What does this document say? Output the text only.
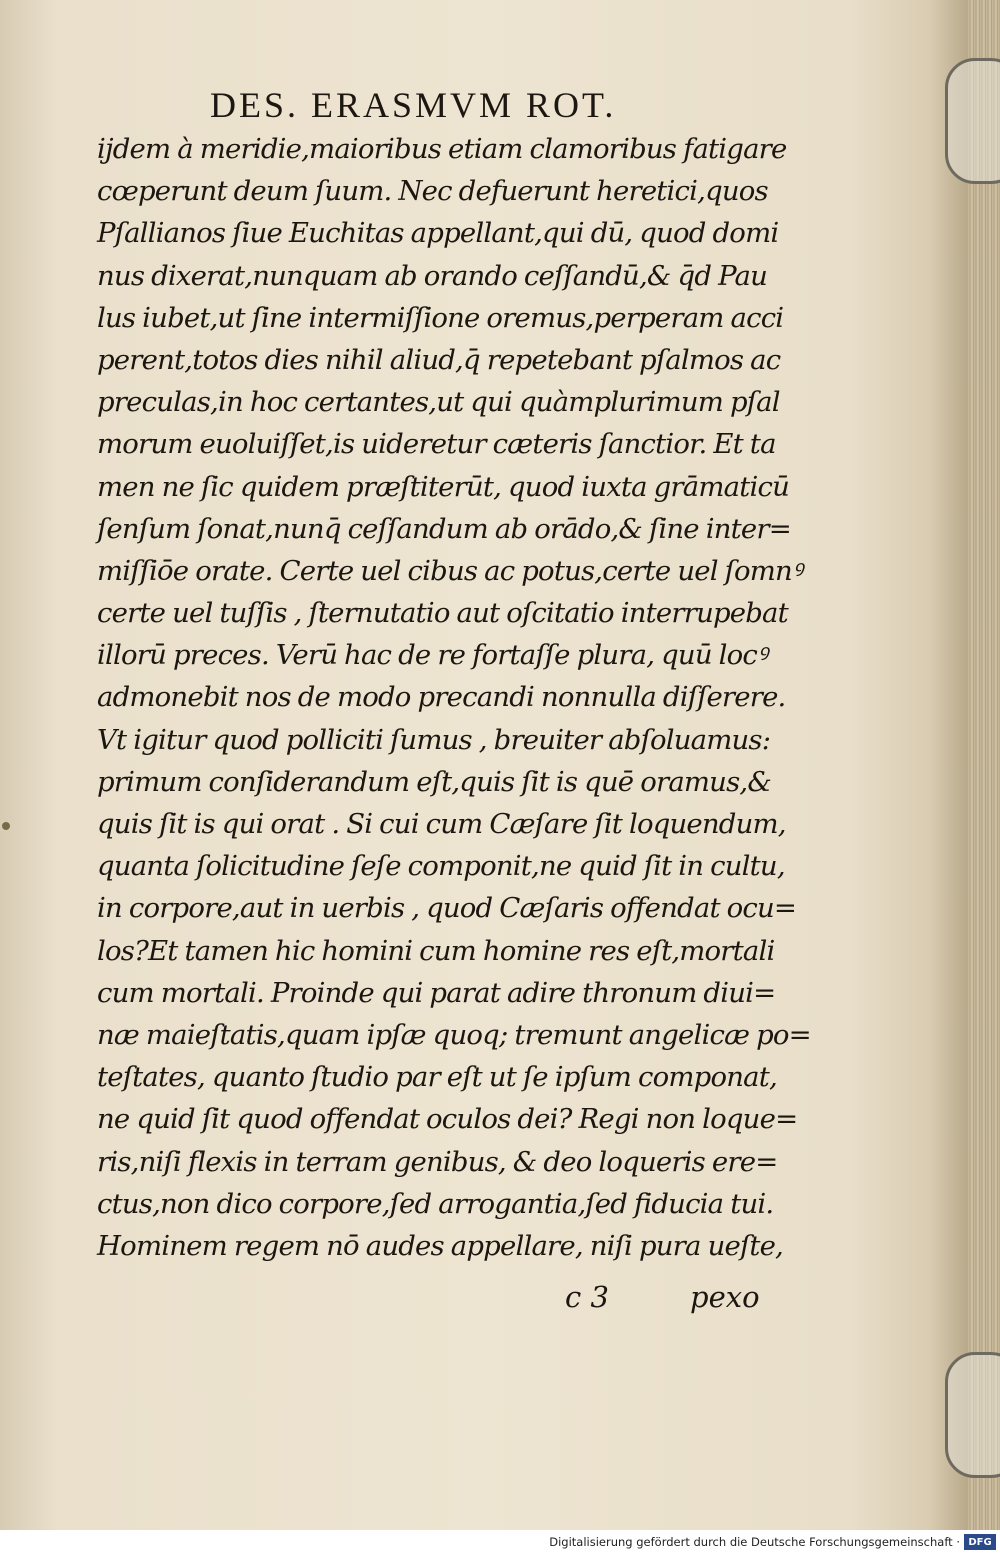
DES. ERASMVM ROT.
ijdem à meridie,maioribus etiam clamoribus fatigare
cœperunt deum ſuum. Nec defuerunt heretici,quos
Pſallianos ſiue Euchitas appellant,qui dū, quod domi
nus dixerat,nunquam ab orando ceſſandū,& q̄d Pau
lus iubet,ut ſine intermiſſione oremus,perperam acci
perent,totos dies nihil aliud,q̄ repetebant pſalmos ac
preculas,in hoc certantes,ut qui quàmplurimum pſal
morum euoluiſſet,is uideretur cæteris ſanctior. Et ta
men ne ſic quidem præſtiterūt, quod iuxta grāmaticū
ſenſum ſonat,nunq̄ ceſſandum ab orādo,& ſine inter=
miſſiōe orate. Certe uel cibus ac potus,certe uel ſomnꝰ
certe uel tuſſis , ſternutatio aut oſcitatio interrupebat
illorū preces. Verū hac de re fortaſſe plura, quū locꝰ
admonebit nos de modo precandi nonnulla diſſerere.
Vt igitur quod polliciti ſumus , breuiter abſoluamus:
primum conſiderandum eſt,quis ſit is quē oramus,&
quis ſit is qui orat . Si cui cum Cæſare ſit loquendum,
quanta ſolicitudine ſeſe componit,ne quid ſit in cultu,
in corpore,aut in uerbis , quod Cæſaris offendat ocu=
los?Et tamen hic homini cum homine res eſt,mortali
cum mortali. Proinde qui parat adire thronum diui=
næ maieſtatis,quam ipſæ quoq; tremunt angelicæ po=
teſtates, quanto ſtudio par eſt ut ſe ipſum componat,
ne quid ſit quod offendat oculos dei? Regi non loque=
ris,niſi flexis in terram genibus, & deo loqueris ere=
ctus,non dico corpore,ſed arrogantia,ſed fiducia tui.
Hominem regem nō audes appellare, niſi pura ueſte,
c 3	pexo
Digitalisierung gefördert durch die Deutsche Forschungsgemeinschaft · DFG
